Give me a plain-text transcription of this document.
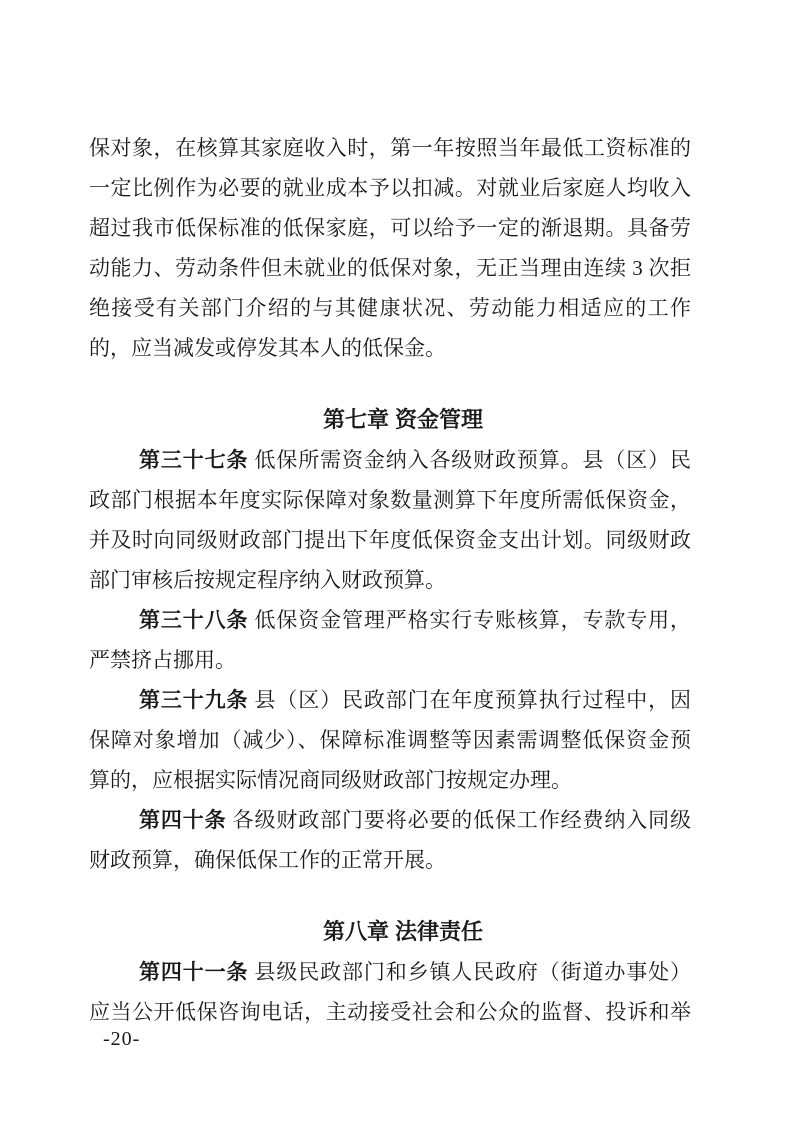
保对象，在核算其家庭收入时，第一年按照当年最低工资标准的
一定比例作为必要的就业成本予以扣减。对就业后家庭人均收入
超过我市低保标准的低保家庭，可以给予一定的渐退期。具备劳
动能力、劳动条件但未就业的低保对象，无正当理由连续 3 次拒
绝接受有关部门介绍的与其健康状况、劳动能力相适应的工作
的，应当减发或停发其本人的低保金。
第七章 资金管理
第三十七条 低保所需资金纳入各级财政预算。县（区）民
政部门根据本年度实际保障对象数量测算下年度所需低保资金，
并及时向同级财政部门提出下年度低保资金支出计划。同级财政
部门审核后按规定程序纳入财政预算。
第三十八条 低保资金管理严格实行专账核算，专款专用，
严禁挤占挪用。
第三十九条 县（区）民政部门在年度预算执行过程中，因
保障对象增加（减少）、保障标准调整等因素需调整低保资金预
算的，应根据实际情况商同级财政部门按规定办理。
第四十条 各级财政部门要将必要的低保工作经费纳入同级
财政预算，确保低保工作的正常开展。
第八章 法律责任
第四十一条 县级民政部门和乡镇人民政府（街道办事处）
应当公开低保咨询电话，主动接受社会和公众的监督、投诉和举
-20-
